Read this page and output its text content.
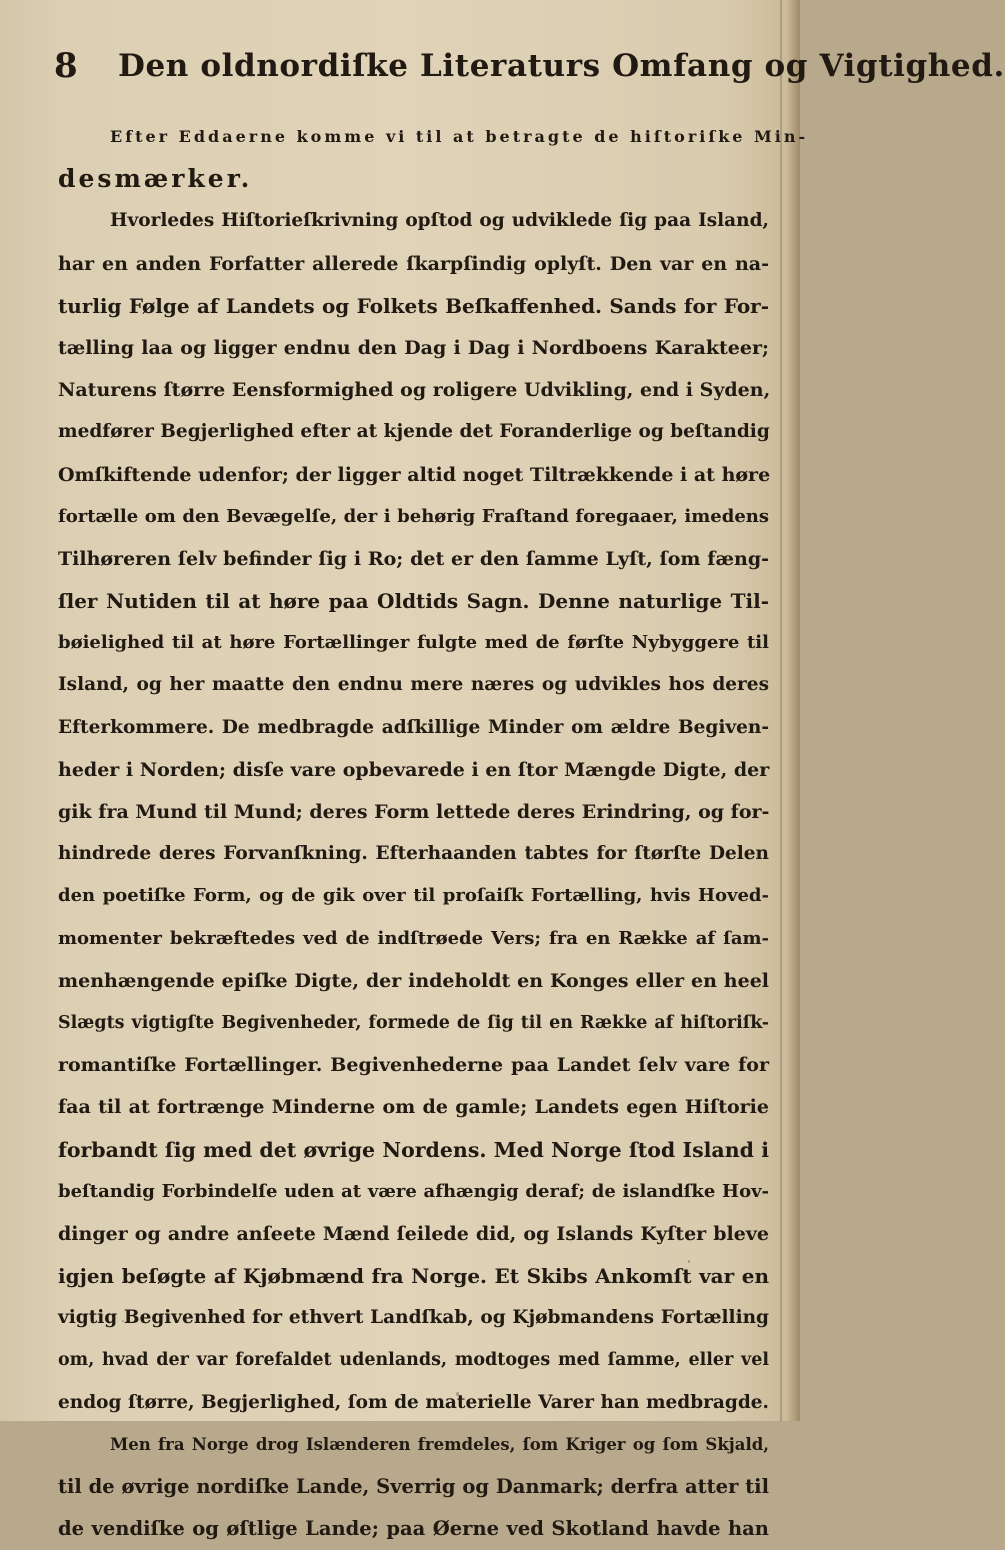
8 Den oldnordiſke Literaturs Omfang og Vigtighed.
Efter Eddaerne komme vi til at betragte de hiſtoriſke Min-
desmærker.
Hvorledes Hiſtorieſkrivning opſtod og udviklede ſig paa Island,
har en anden Forfatter allerede ſkarpſindig oplyſt. Den var en na-
turlig Følge af Landets og Folkets Beſkaffenhed. Sands for For-
tælling laa og ligger endnu den Dag i Dag i Nordboens Karakteer;
Naturens ſtørre Eensformighed og roligere Udvikling, end i Syden,
medfører Begjerlighed efter at kjende det Foranderlige og beſtandig
Omſkiftende udenfor; der ligger altid noget Tiltrækkende i at høre
fortælle om den Bevægelſe, der i behørig Fraſtand foregaaer, imedens
Tilhøreren ſelv befinder ſig i Ro; det er den ſamme Lyſt, ſom fæng-
ſler Nutiden til at høre paa Oldtids Sagn. Denne naturlige Til-
bøielighed til at høre Fortællinger fulgte med de førſte Nybyggere til
Island, og her maatte den endnu mere næres og udvikles hos deres
Efterkommere. De medbragde adſkillige Minder om ældre Begiven-
heder i Norden; disſe vare opbevarede i en ſtor Mængde Digte, der
gik fra Mund til Mund; deres Form lettede deres Erindring, og for-
hindrede deres Forvanſkning. Efterhaanden tabtes for ſtørſte Delen
den poetiſke Form, og de gik over til proſaiſk Fortælling, hvis Hoved-
momenter bekræftedes ved de indſtrøede Vers; fra en Række af ſam-
menhængende epiſke Digte, der indeholdt en Konges eller en heel
Slægts vigtigſte Begivenheder, formede de ſig til en Række af hiſtoriſk-
romantiſke Fortællinger. Begivenhederne paa Landet ſelv vare for
faa til at fortrænge Minderne om de gamle; Landets egen Hiſtorie
forbandt ſig med det øvrige Nordens. Med Norge ſtod Island i
beſtandig Forbindelſe uden at være afhængig deraf; de islandſke Hov-
dinger og andre anſeete Mænd ſeilede did, og Islands Kyſter bleve
igjen beſøgte af Kjøbmænd fra Norge. Et Skibs Ankomſt var en
vigtig Begivenhed for ethvert Landſkab, og Kjøbmandens Fortælling
om, hvad der var forefaldet udenlands, modtoges med ſamme, eller vel
endog ſtørre, Begjerlighed, ſom de materielle Varer han medbragde.
Men fra Norge drog Islænderen fremdeles, ſom Kriger og ſom Skjald,
til de øvrige nordiſke Lande, Sverrig og Danmark; derfra atter til
de vendiſke og øſtlige Lande; paa Øerne ved Skotland havde han
